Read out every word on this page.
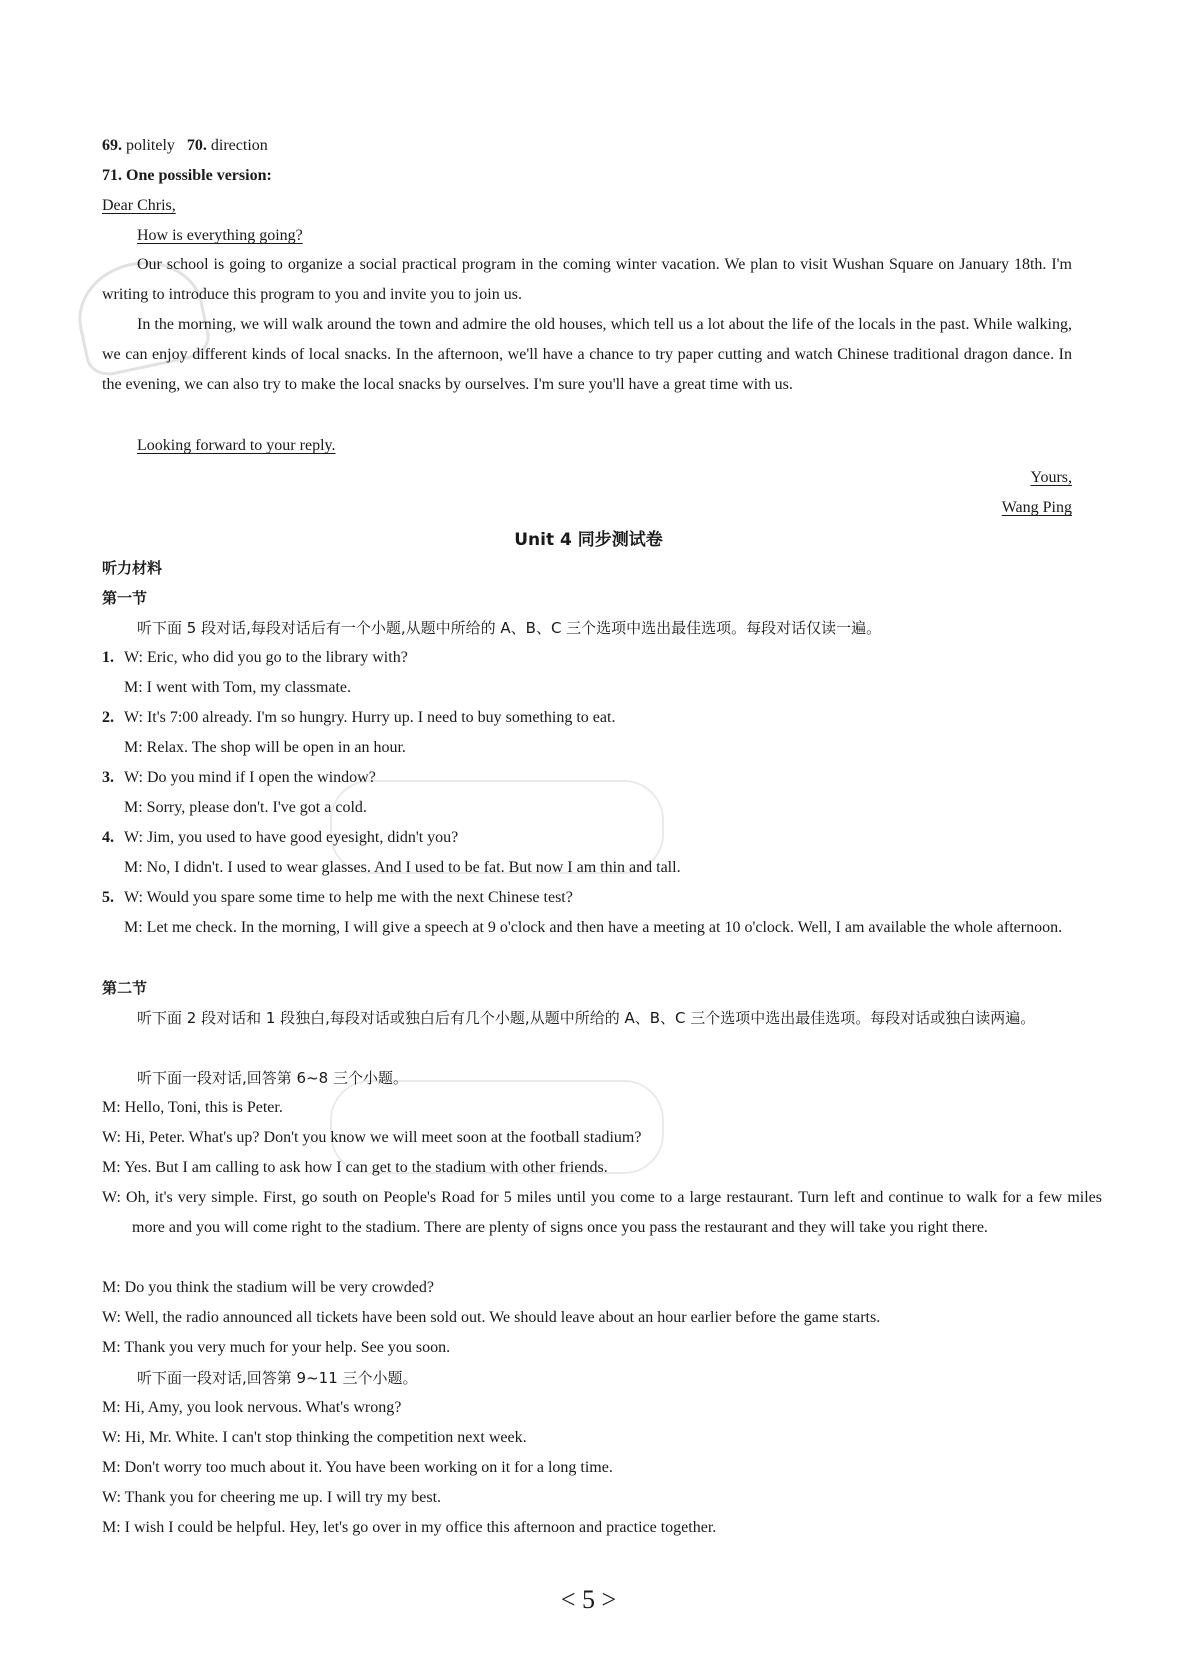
69. politely 70. direction
71. One possible version:
Dear Chris,
How is everything going?
Our school is going to organize a social practical program in the coming winter vacation. We plan to visit Wushan Square on January 18th. I'm writing to introduce this program to you and invite you to join us.
In the morning, we will walk around the town and admire the old houses, which tell us a lot about the life of the locals in the past. While walking, we can enjoy different kinds of local snacks. In the afternoon, we'll have a chance to try paper cutting and watch Chinese traditional dragon dance. In the evening, we can also try to make the local snacks by ourselves. I'm sure you'll have a great time with us.
Looking forward to your reply.
Yours,
Wang Ping
Unit 4 同步测试卷
听力材料
第一节
听下面 5 段对话,每段对话后有一个小题,从题中所给的 A、B、C 三个选项中选出最佳选项。每段对话仅读一遍。
1. W: Eric, who did you go to the library with?
M: I went with Tom, my classmate.
2. W: It's 7:00 already. I'm so hungry. Hurry up. I need to buy something to eat.
M: Relax. The shop will be open in an hour.
3. W: Do you mind if I open the window?
M: Sorry, please don't. I've got a cold.
4. W: Jim, you used to have good eyesight, didn't you?
M: No, I didn't. I used to wear glasses. And I used to be fat. But now I am thin and tall.
5. W: Would you spare some time to help me with the next Chinese test?
M: Let me check. In the morning, I will give a speech at 9 o'clock and then have a meeting at 10 o'clock. Well, I am available the whole afternoon.
第二节
听下面 2 段对话和 1 段独白,每段对话或独白后有几个小题,从题中所给的 A、B、C 三个选项中选出最佳选项。每段对话或独白读两遍。
听下面一段对话,回答第 6~8 三个小题。
M: Hello, Toni, this is Peter.
W: Hi, Peter. What's up? Don't you know we will meet soon at the football stadium?
M: Yes. But I am calling to ask how I can get to the stadium with other friends.
W: Oh, it's very simple. First, go south on People's Road for 5 miles until you come to a large restaurant. Turn left and continue to walk for a few miles more and you will come right to the stadium. There are plenty of signs once you pass the restaurant and they will take you right there.
M: Do you think the stadium will be very crowded?
W: Well, the radio announced all tickets have been sold out. We should leave about an hour earlier before the game starts.
M: Thank you very much for your help. See you soon.
听下面一段对话,回答第 9~11 三个小题。
M: Hi, Amy, you look nervous. What's wrong?
W: Hi, Mr. White. I can't stop thinking the competition next week.
M: Don't worry too much about it. You have been working on it for a long time.
W: Thank you for cheering me up. I will try my best.
M: I wish I could be helpful. Hey, let's go over in my office this afternoon and practice together.
< 5 >
